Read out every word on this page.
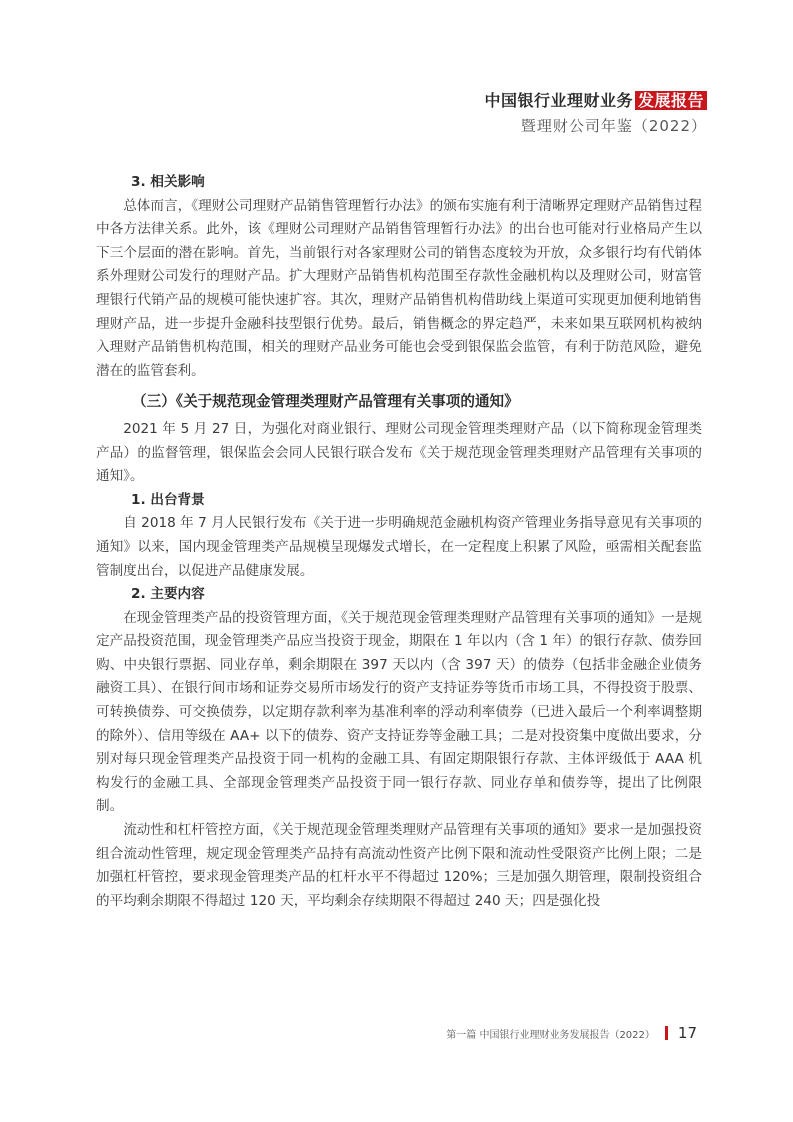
中国银行业理财业务 发展报告
暨理财公司年鉴（2022）
3. 相关影响

总体而言，《理财公司理财产品销售管理暂行办法》的颁布实施有利于清晰界定理财产品销售过程中各方法律关系。此外，该《理财公司理财产品销售管理暂行办法》的出台也可能对行业格局产生以下三个层面的潜在影响。首先，当前银行对各家理财公司的销售态度较为开放，众多银行均有代销体系外理财公司发行的理财产品。扩大理财产品销售机构范围至存款性金融机构以及理财公司，财富管理银行代销产品的规模可能快速扩容。其次，理财产品销售机构借助线上渠道可实现更加便利地销售理财产品，进一步提升金融科技型银行优势。最后，销售概念的界定趋严，未来如果互联网机构被纳入理财产品销售机构范围，相关的理财产品业务可能也会受到银保监会监管，有利于防范风险，避免潜在的监管套利。

（三）《关于规范现金管理类理财产品管理有关事项的通知》

2021 年 5 月 27 日，为强化对商业银行、理财公司现金管理类理财产品（以下简称现金管理类产品）的监督管理，银保监会会同人民银行联合发布《关于规范现金管理类理财产品管理有关事项的通知》。

1. 出台背景

自 2018 年 7 月人民银行发布《关于进一步明确规范金融机构资产管理业务指导意见有关事项的通知》以来，国内现金管理类产品规模呈现爆发式增长，在一定程度上积累了风险，亟需相关配套监管制度出台，以促进产品健康发展。

2. 主要内容

在现金管理类产品的投资管理方面，《关于规范现金管理类理财产品管理有关事项的通知》一是规定产品投资范围，现金管理类产品应当投资于现金，期限在 1 年以内（含 1 年）的银行存款、债券回购、中央银行票据、同业存单，剩余期限在 397 天以内（含 397 天）的债券（包括非金融企业债务融资工具）、在银行间市场和证券交易所市场发行的资产支持证券等货币市场工具，不得投资于股票、可转换债券、可交换债券，以定期存款利率为基准利率的浮动利率债券（已进入最后一个利率调整期的除外）、信用等级在 AA+ 以下的债券、资产支持证券等金融工具；二是对投资集中度做出要求，分别对每只现金管理类产品投资于同一机构的金融工具、有固定期限银行存款、主体评级低于 AAA 机构发行的金融工具、全部现金管理类产品投资于同一银行存款、同业存单和债券等，提出了比例限制。

流动性和杠杆管控方面，《关于规范现金管理类理财产品管理有关事项的通知》要求一是加强投资组合流动性管理，规定现金管理类产品持有高流动性资产比例下限和流动性受限资产比例上限；二是加强杠杆管控，要求现金管理类产品的杠杆水平不得超过 120%；三是加强久期管理，限制投资组合的平均剩余期限不得超过 120 天，平均剩余存续期限不得超过 240 天；四是强化投

第一篇 中国银行业理财业务发展报告（2022） 17
